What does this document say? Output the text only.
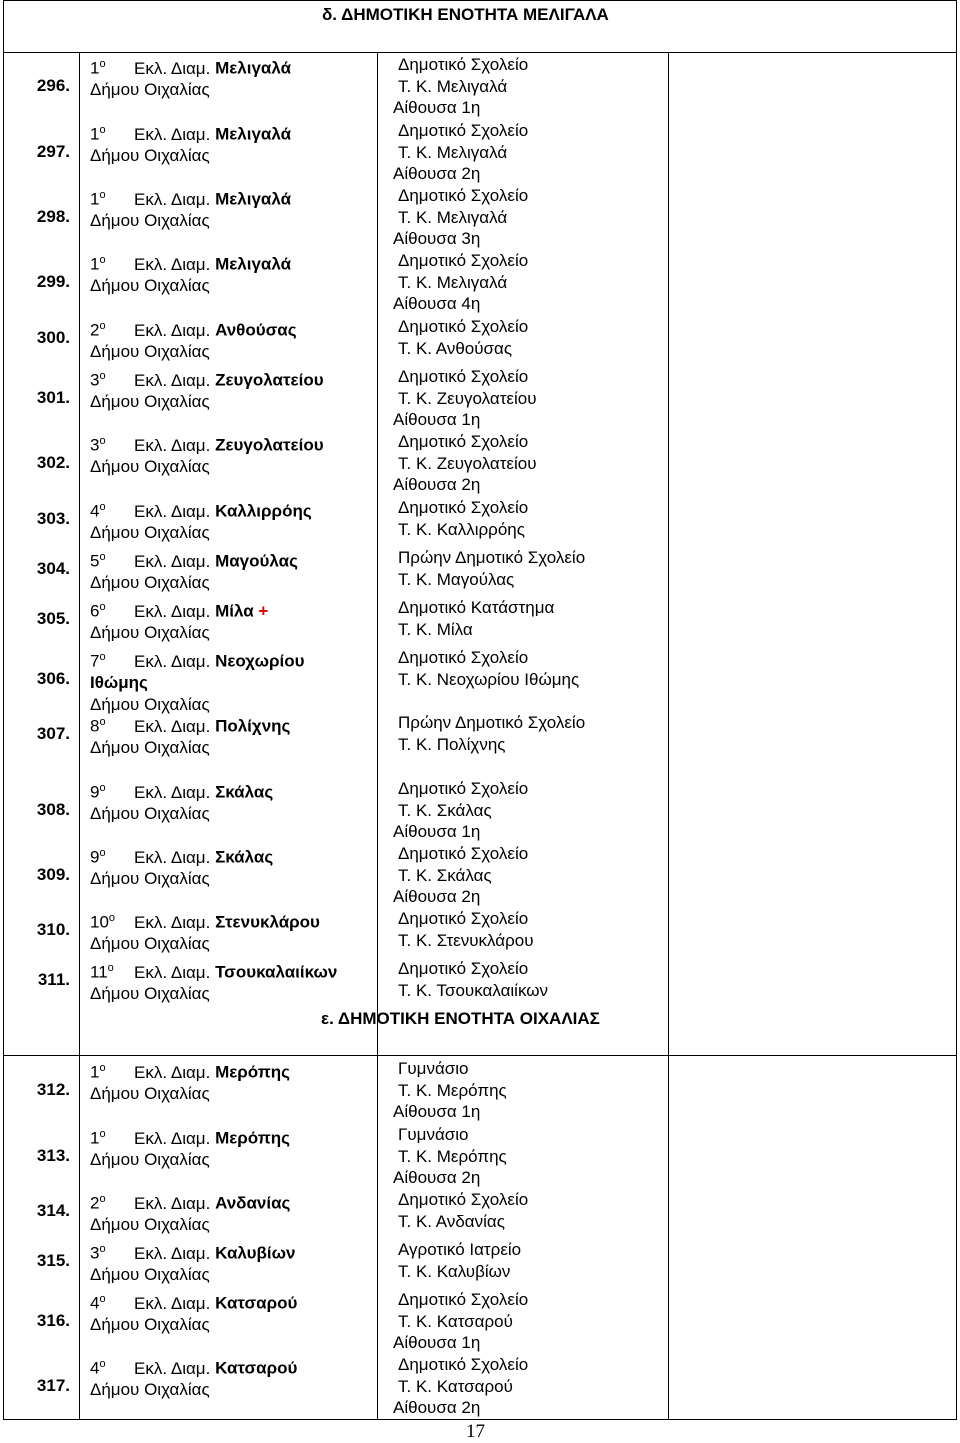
δ. ΔΗΜΟΤΙΚΗ ΕΝΟΤΗΤΑ ΜΕΛΙΓΑΛΑ
ε. ΔΗΜΟΤΙΚΗ ΕΝΟΤΗΤΑ ΟΙΧΑΛΙΑΣ
296.
$1^o$ Εκλ. Διαμ. Μελιγαλά
Δήμου Οιχαλίας
Δημοτικό Σχολείο
Τ. Κ. Μελιγαλά
Αίθουσα 1η
297.
$1^o$ Εκλ. Διαμ. Μελιγαλά
Δήμου Οιχαλίας
Δημοτικό Σχολείο
Τ. Κ. Μελιγαλά
Αίθουσα 2η
298.
$1^o$ Εκλ. Διαμ. Μελιγαλά
Δήμου Οιχαλίας
Δημοτικό Σχολείο
Τ. Κ. Μελιγαλά
Αίθουσα 3η
299.
$1^o$ Εκλ. Διαμ. Μελιγαλά
Δήμου Οιχαλίας
Δημοτικό Σχολείο
Τ. Κ. Μελιγαλά
Αίθουσα 4η
300. $2^o$ Εκλ. Διαμ. Ανθούσας
Δήμου Οιχαλίας
Δημοτικό Σχολείο
Τ. Κ. Ανθούσας
301.
$3^o$ Εκλ. Διαμ. Ζευγολατείου
Δήμου Οιχαλίας
Δημοτικό Σχολείο
Τ. Κ. Ζευγολατείου
Αίθουσα 1η
302.
$3^o$ Εκλ. Διαμ. Ζευγολατείου
Δήμου Οιχαλίας
Δημοτικό Σχολείο
Τ. Κ. Ζευγολατείου
Αίθουσα 2η
303. $4^o$ Εκλ. Διαμ. Καλλιρρόης
Δήμου Οιχαλίας
Δημοτικό Σχολείο
Τ. Κ. Καλλιρρόης
304. $5^o$ Εκλ. Διαμ. Μαγούλας
Δήμου Οιχαλίας
Πρώην Δημοτικό Σχολείο
Τ. Κ. Μαγούλας
305. $6^o$ Εκλ. Διαμ. Μίλα +
Δήμου Οιχαλίας
Δημοτικό Κατάστημα
Τ. Κ. Μίλα
306.
$7^o$ Εκλ. Διαμ. Νεοχωρίου
Ιθώμης
Δήμου Οιχαλίας
Δημοτικό Σχολείο
Τ. Κ. Νεοχωρίου Ιθώμης
307. $8^o$ Εκλ. Διαμ. Πολίχνης
Δήμου Οιχαλίας
Πρώην Δημοτικό Σχολείο
Τ. Κ. Πολίχνης
308.
$9^o$ Εκλ. Διαμ. Σκάλας
Δήμου Οιχαλίας
Δημοτικό Σχολείο
Τ. Κ. Σκάλας
Αίθουσα 1η
309.
$9^o$ Εκλ. Διαμ. Σκάλας
Δήμου Οιχαλίας
Δημοτικό Σχολείο
Τ. Κ. Σκάλας
Αίθουσα 2η
310. $10^o$ Εκλ. Διαμ. Στενυκλάρου
Δήμου Οιχαλίας
Δημοτικό Σχολείο
Τ. Κ. Στενυκλάρου
311. $11^o$ Εκλ. Διαμ. Τσουκαλαιίκων
Δήμου Οιχαλίας
Δημοτικό Σχολείο
Τ. Κ. Τσουκαλαιίκων
312.
$1^o$ Εκλ. Διαμ. Μερόπης
Δήμου Οιχαλίας
Γυμνάσιο
Τ. Κ. Μερόπης
Αίθουσα 1η
313.
$1^o$ Εκλ. Διαμ. Μερόπης
Δήμου Οιχαλίας
Γυμνάσιο
Τ. Κ. Μερόπης
Αίθουσα 2η
314. $2^o$ Εκλ. Διαμ. Ανδανίας
Δήμου Οιχαλίας
Δημοτικό Σχολείο
Τ. Κ. Ανδανίας
315. $3^o$ Εκλ. Διαμ. Καλυβίων
Δήμου Οιχαλίας
Αγροτικό Ιατρείο
Τ. Κ. Καλυβίων
316.
$4^o$ Εκλ. Διαμ. Κατσαρού
Δήμου Οιχαλίας
Δημοτικό Σχολείο
Τ. Κ. Κατσαρού
Αίθουσα 1η
317.
$4^o$ Εκλ. Διαμ. Κατσαρού
Δήμου Οιχαλίας
Δημοτικό Σχολείο
Τ. Κ. Κατσαρού
Αίθουσα 2η
17
